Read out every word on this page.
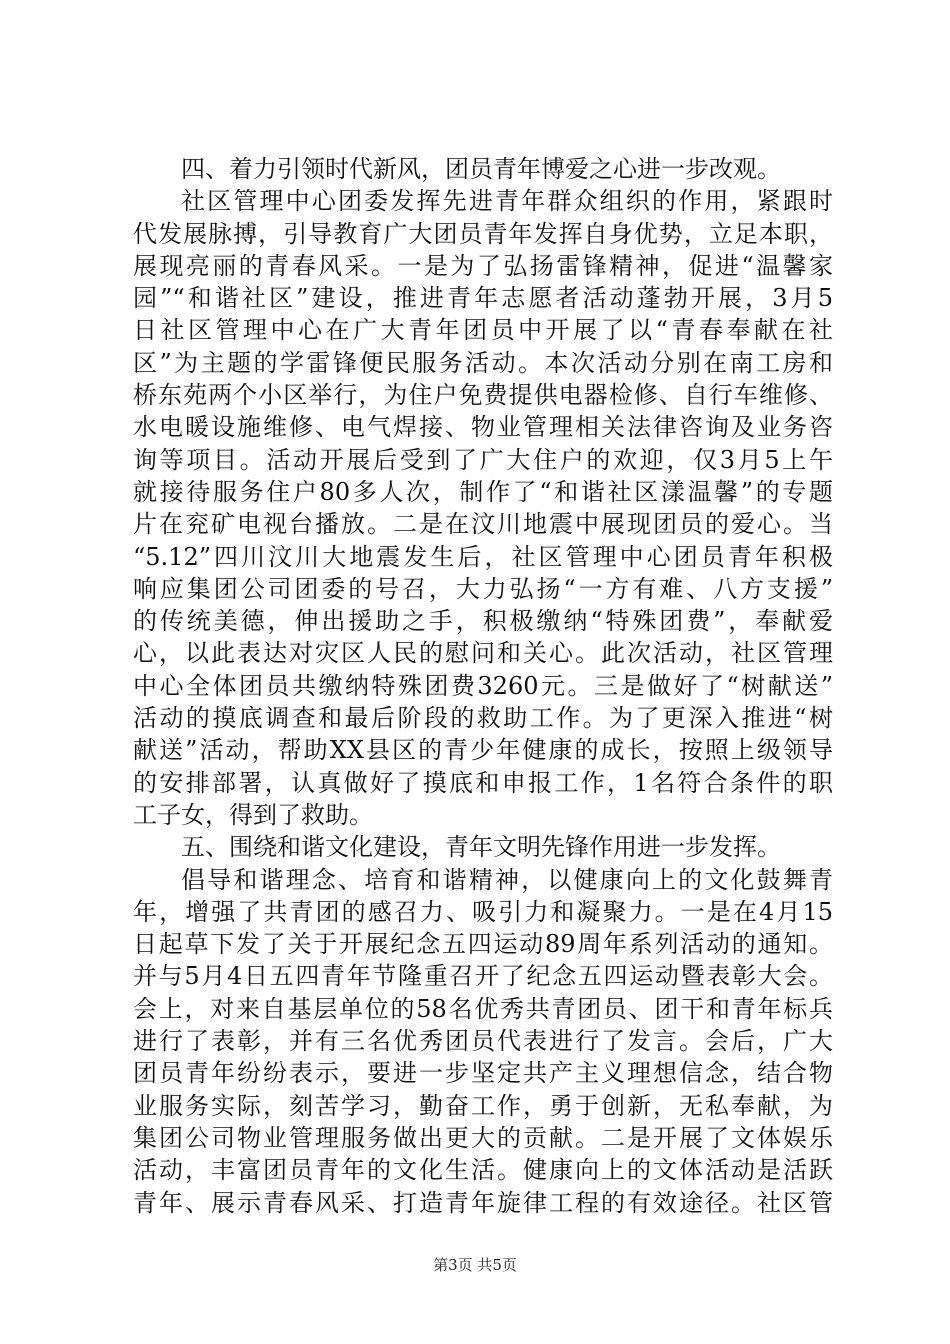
四、着力引领时代新风，团员青年博爱之心进一步改观。
社区管理中心团委发挥先进青年群众组织的作用，紧跟时
代发展脉搏，引导教育广大团员青年发挥自身优势，立足本职，
展现亮丽的青春风采。一是为了弘扬雷锋精神，促进“温馨家
园”“和谐社区”建设，推进青年志愿者活动蓬勃开展，3月5
日社区管理中心在广大青年团员中开展了以“青春奉献在社
区”为主题的学雷锋便民服务活动。本次活动分别在南工房和
桥东苑两个小区举行，为住户免费提供电器检修、自行车维修、
水电暖设施维修、电气焊接、物业管理相关法律咨询及业务咨
询等项目。活动开展后受到了广大住户的欢迎，仅3月5上午
就接待服务住户80多人次，制作了“和谐社区漾温馨”的专题
片在兖矿电视台播放。二是在汶川地震中展现团员的爱心。当
“5.12”四川汶川大地震发生后，社区管理中心团员青年积极
响应集团公司团委的号召，大力弘扬“一方有难、八方支援”
的传统美德，伸出援助之手，积极缴纳“特殊团费”，奉献爱
心，以此表达对灾区人民的慰问和关心。此次活动，社区管理
中心全体团员共缴纳特殊团费3260元。三是做好了“树献送”
活动的摸底调查和最后阶段的救助工作。为了更深入推进“树
献送”活动，帮助XX县区的青少年健康的成长，按照上级领导
的安排部署，认真做好了摸底和申报工作，1名符合条件的职
工子女，得到了救助。
五、围绕和谐文化建设，青年文明先锋作用进一步发挥。
倡导和谐理念、培育和谐精神，以健康向上的文化鼓舞青
年，增强了共青团的感召力、吸引力和凝聚力。一是在4月15
日起草下发了关于开展纪念五四运动89周年系列活动的通知。
并与5月4日五四青年节隆重召开了纪念五四运动暨表彰大会。
会上，对来自基层单位的58名优秀共青团员、团干和青年标兵
进行了表彰，并有三名优秀团员代表进行了发言。会后，广大
团员青年纷纷表示，要进一步坚定共产主义理想信念，结合物
业服务实际，刻苦学习，勤奋工作，勇于创新，无私奉献，为
集团公司物业管理服务做出更大的贡献。二是开展了文体娱乐
活动，丰富团员青年的文化生活。健康向上的文体活动是活跃
青年、展示青春风采、打造青年旋律工程的有效途径。社区管
第3页 共5页
